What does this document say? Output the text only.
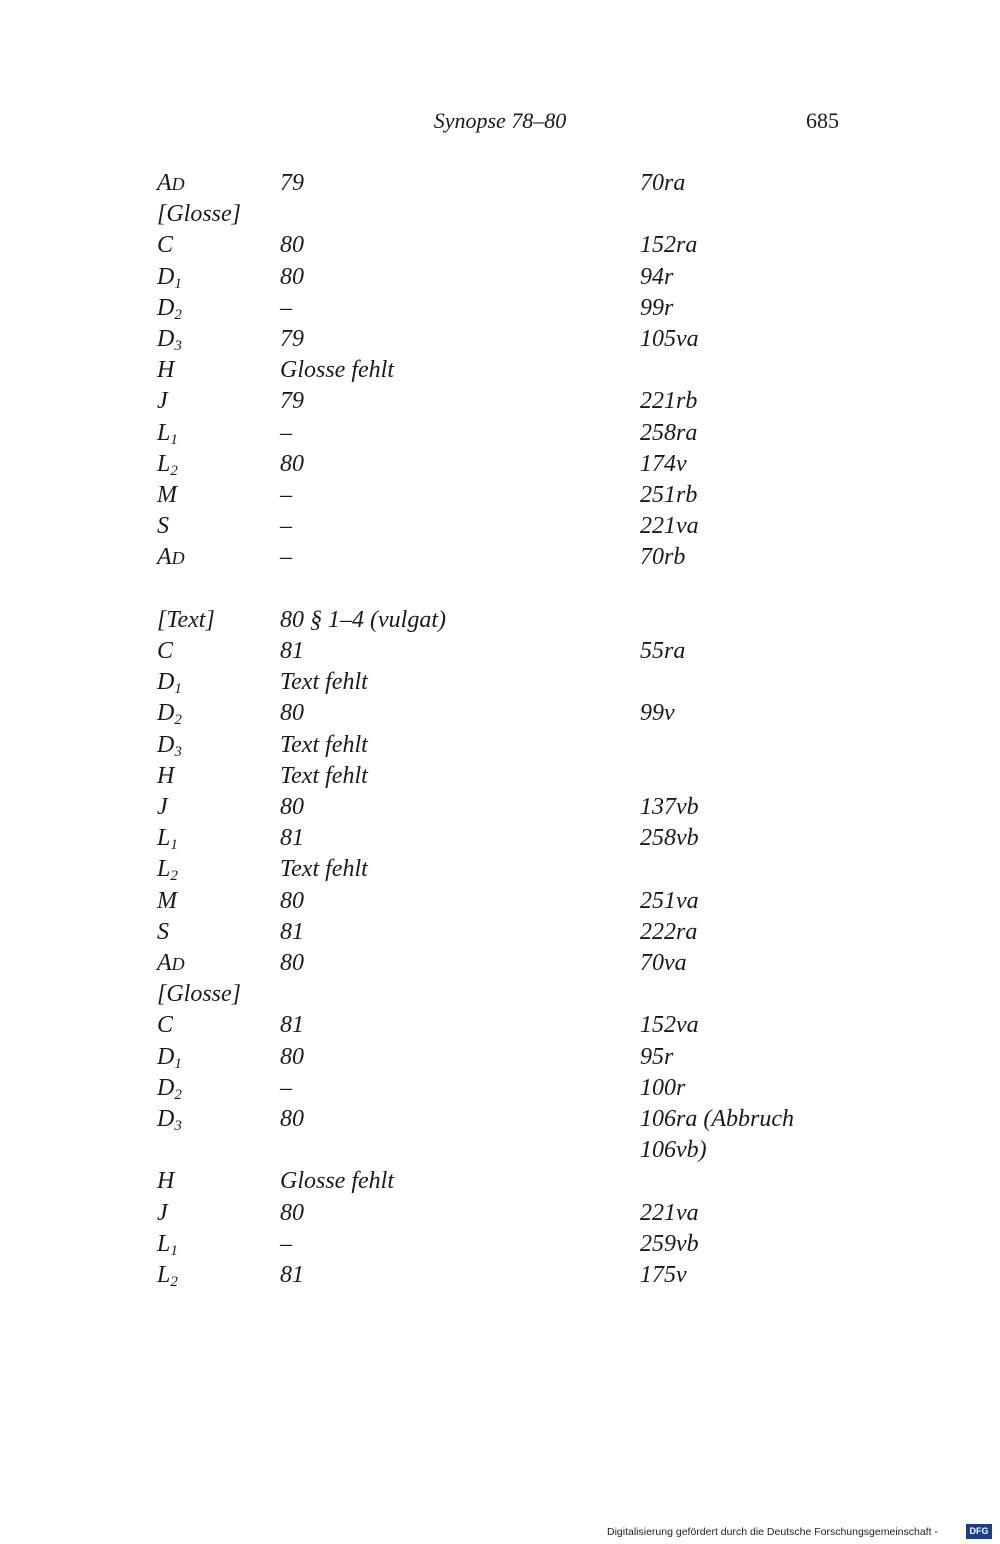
Synopse 78–80	685
AD	79	70ra
[Glosse]
C	80	152ra
$D_1$	80	94r
$D_2$	–	99r
$D_3$	79	105va
H	Glosse fehlt
J	79	221rb
$L_1$	–	258ra
$L_2$	80	174v
M	–	251rb
S	–	221va
AD	–	70rb
[Text]	80 § 1–4 (vulgat)
C	81	55ra
$D_1$	Text fehlt
$D_2$	80	99v
$D_3$	Text fehlt
H	Text fehlt
J	80	137vb
$L_1$	81	258vb
$L_2$	Text fehlt
M	80	251va
S	81	222ra
AD	80	70va
[Glosse]
C	81	152va
$D_1$	80	95r
$D_2$	–	100r
$D_3$	80	106ra (Abbruch
106vb)
H	Glosse fehlt
J	80	221va
$L_1$	–	259vb
$L_2$	81	175v
Digitalisierung gefördert durch die Deutsche Forschungsgemeinschaft -	DFG
